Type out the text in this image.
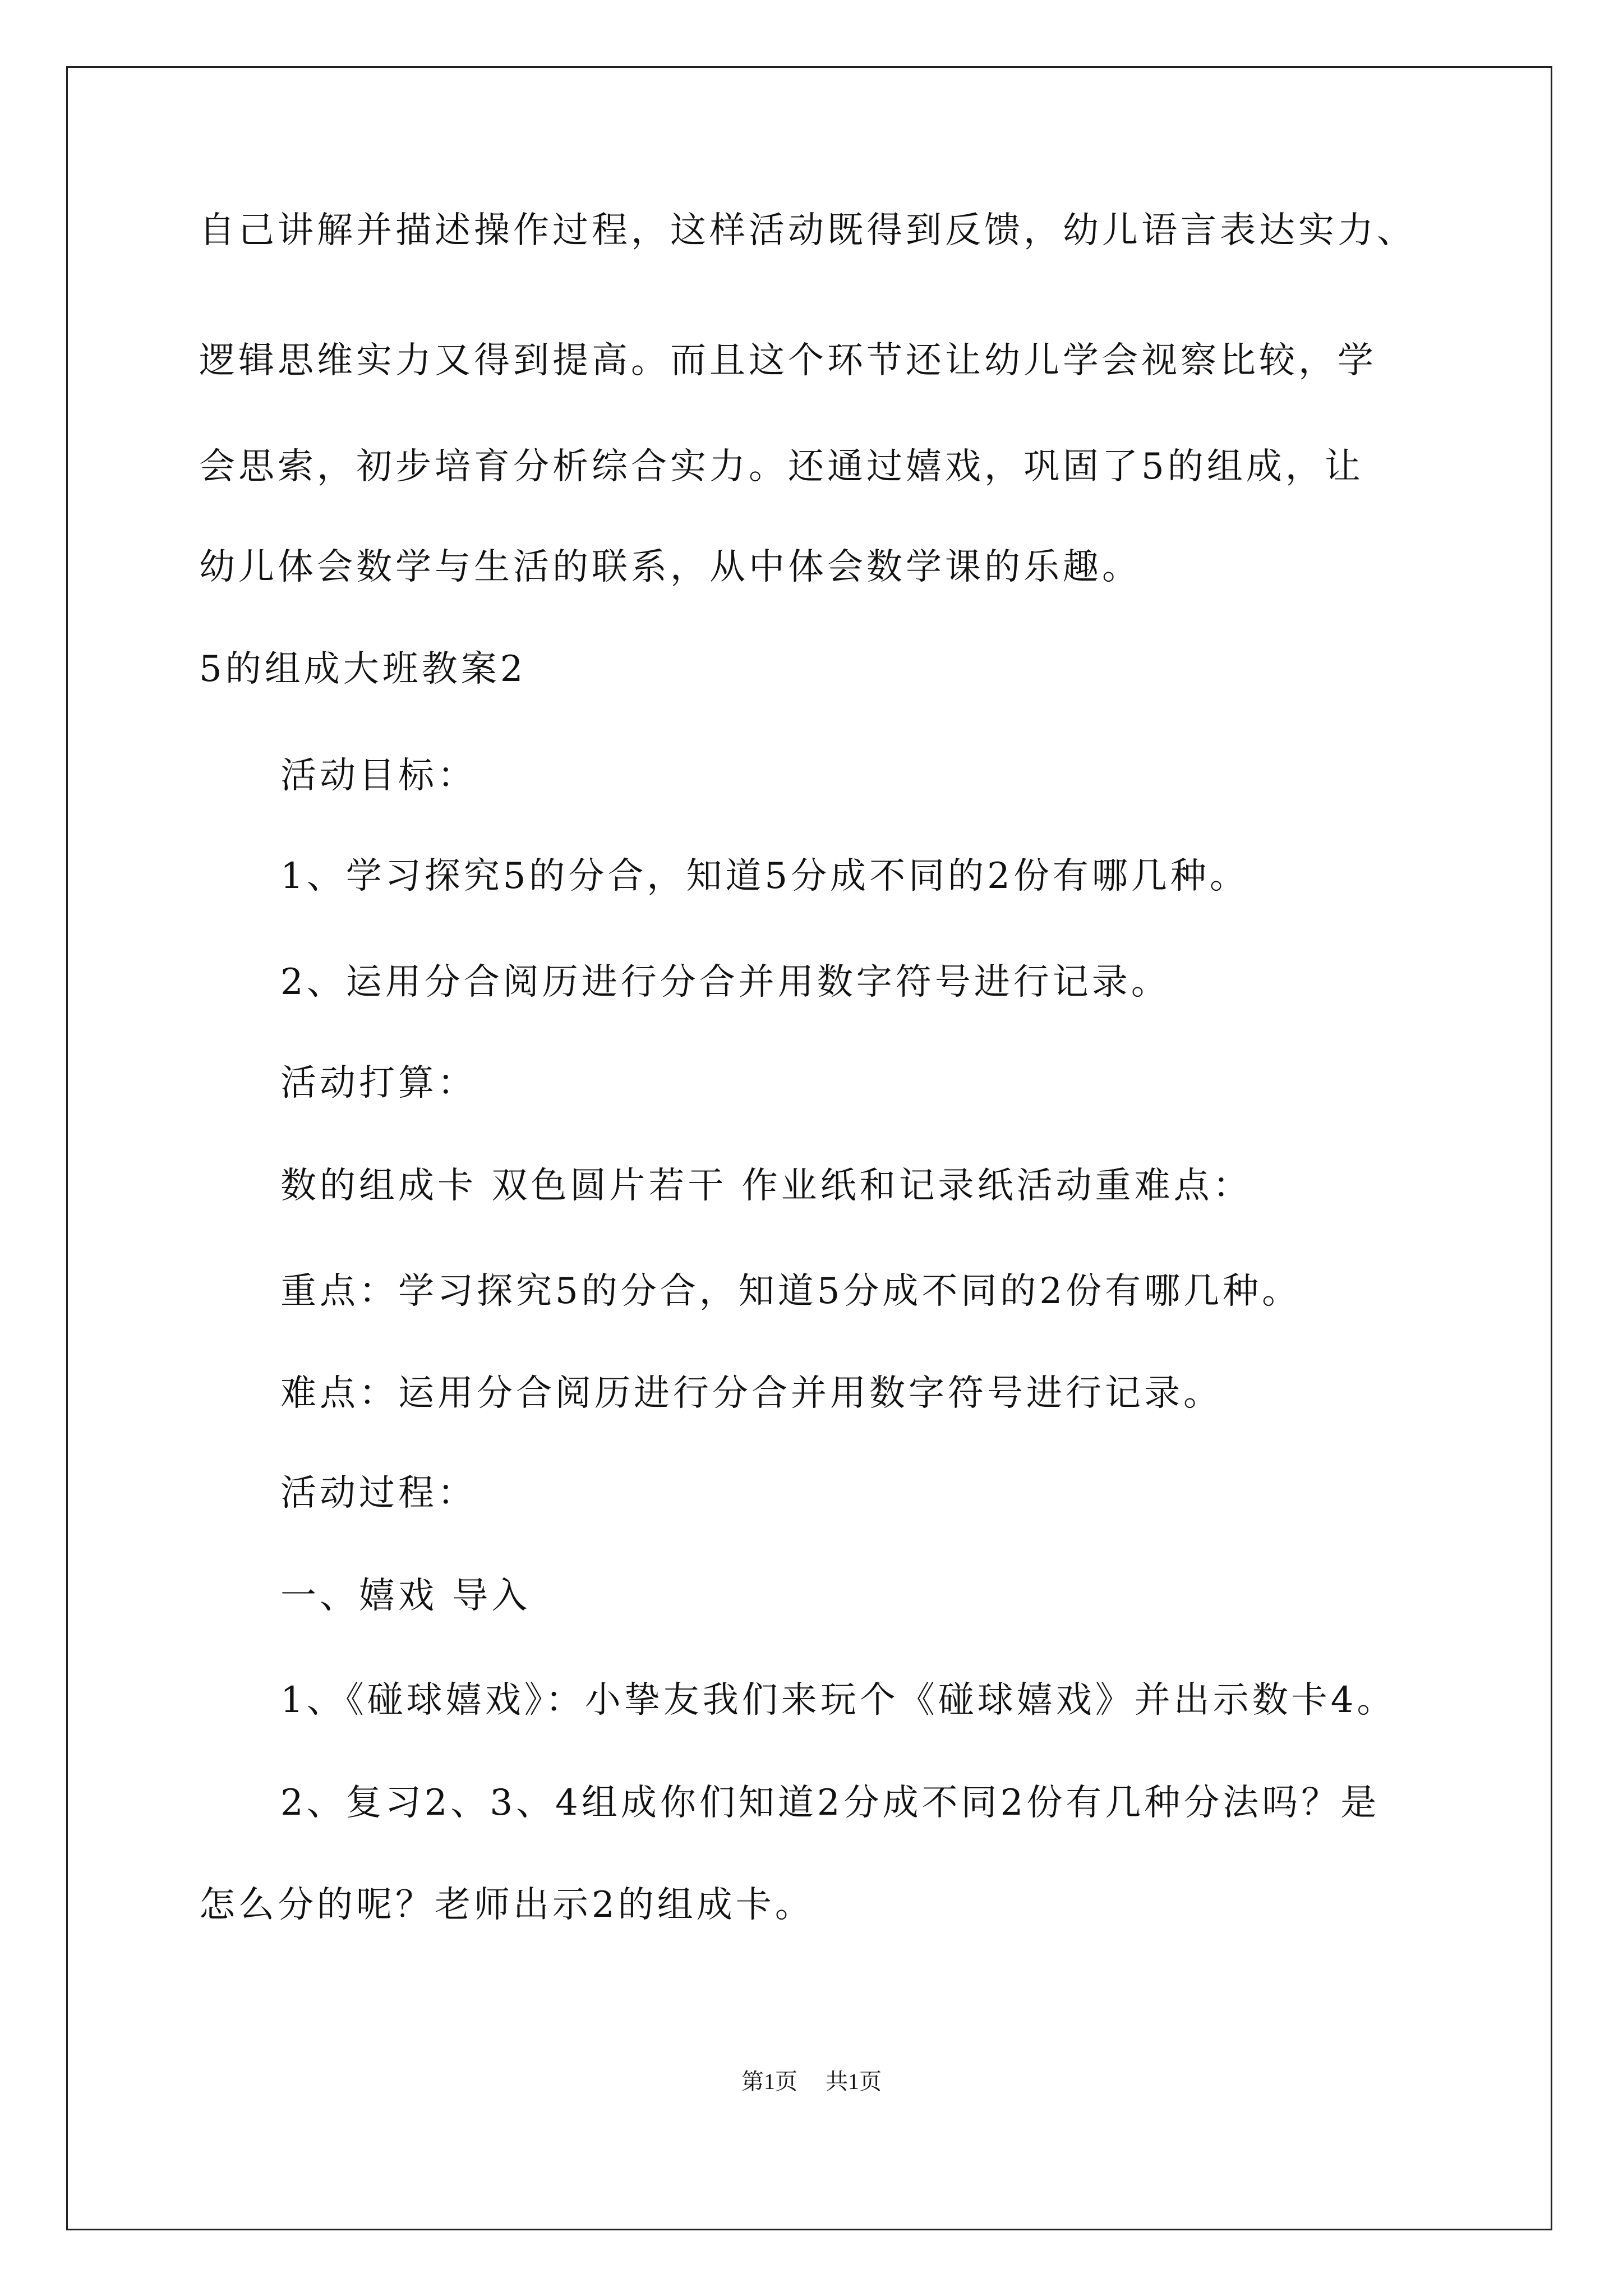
自己讲解并描述操作过程，这样活动既得到反馈，幼儿语言表达实力、
逻辑思维实力又得到提高。而且这个环节还让幼儿学会视察比较，学
会思索，初步培育分析综合实力。还通过嬉戏，巩固了5的组成，让
幼儿体会数学与生活的联系，从中体会数学课的乐趣。
5的组成大班教案2
活动目标：
1、学习探究5的分合，知道5分成不同的2份有哪几种。
2、运用分合阅历进行分合并用数字符号进行记录。
活动打算：
数的组成卡 双色圆片若干 作业纸和记录纸活动重难点：
重点：学习探究5的分合，知道5分成不同的2份有哪几种。
难点：运用分合阅历进行分合并用数字符号进行记录。
活动过程：
一、嬉戏 导入
1、《碰球嬉戏》：小挚友我们来玩个《碰球嬉戏》并出示数卡4。
2、复习2、3、4组成你们知道2分成不同2份有几种分法吗？是
怎么分的呢？老师出示2的组成卡。
第1页 共1页
